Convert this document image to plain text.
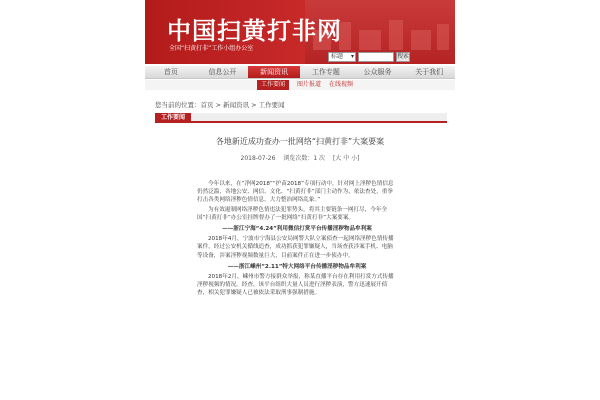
中国扫黄打非网
全国“扫黄打非”工作小组办公室
标题 ▾	搜索
首页	信息公开	新闻资讯	工作专题	公众服务	关于我们
工作要闻	图片报道 在线视频
您当前的位置：首页 > 新闻资讯 > 工作要闻
工作要闻
各地新近成功查办一批网络“扫黄打非”大案要案
2018-07-26 浏览次数：1 次 [大 中 小]

今年以来，在“净网2018”“护苗2018”专项行动中，针对网上淫秽色情信息仍然泛滥，各地公安、网信、文化、“扫黄打非”部门主动作为，依法查处，重拳打击各类网络淫秽色情信息，大力整治网络乱象。”

为有效遏制网络淫秽色情违法犯罪势头，将其主要链条一网打尽，今年全国“扫黄打非”办公室挂牌督办了一批网络“扫黄打非”大案要案。

——浙江宁海“4.24”利用微信打赏平台传播淫秽物品牟利案

2018年4月，宁波市宁海县公安局网警大队立案侦查一起网络淫秽色情传播案件，经过公安机关循线追查，成功抓获犯罪嫌疑人，当场查获涉案手机、电脑等设备，涉案淫秽视频数量巨大，目前案件正在进一步侦办中。

——浙江嵊州“2.11”特大网络平台传播淫秽物品牟利案

2018年2月，嵊州市警方接群众举报，称某直播平台存在利用打赏方式传播淫秽视频的情况。经查，该平台组织大量人员进行淫秽表演，警方迅速展开侦查，相关犯罪嫌疑人已被依法采取刑事强制措施。
